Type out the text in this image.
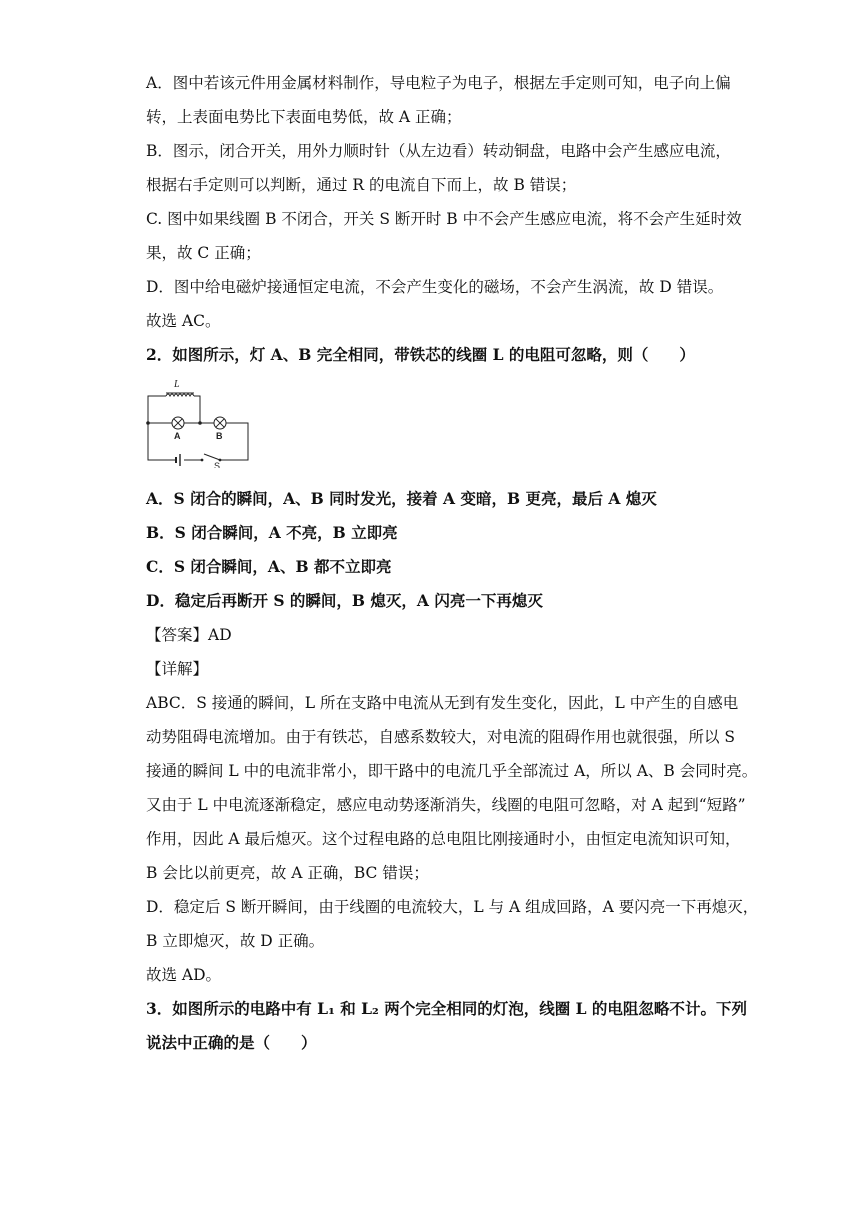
A．图中若该元件用金属材料制作，导电粒子为电子，根据左手定则可知，电子向上偏
转，上表面电势比下表面电势低，故 A 正确；
B．图示，闭合开关，用外力顺时针（从左边看）转动铜盘，电路中会产生感应电流，
根据右手定则可以判断，通过 R 的电流自下而上，故 B 错误；
C. 图中如果线圈 B 不闭合，开关 S 断开时 B 中不会产生感应电流，将不会产生延时效
果，故 C 正确；
D．图中给电磁炉接通恒定电流，不会产生变化的磁场，不会产生涡流，故 D 错误。
故选 AC。
2．如图所示，灯 A、B 完全相同，带铁芯的线圈 L 的电阻可忽略，则（　　）
L
A	B
S
A．S 闭合的瞬间，A、B 同时发光，接着 A 变暗，B 更亮，最后 A 熄灭
B．S 闭合瞬间，A 不亮，B 立即亮
C．S 闭合瞬间，A、B 都不立即亮
D．稳定后再断开 S 的瞬间，B 熄灭，A 闪亮一下再熄灭
【答案】AD
【详解】
ABC．S 接通的瞬间，L 所在支路中电流从无到有发生变化，因此，L 中产生的自感电
动势阻碍电流增加。由于有铁芯，自感系数较大，对电流的阻碍作用也就很强，所以 S
接通的瞬间 L 中的电流非常小，即干路中的电流几乎全部流过 A，所以 A、B 会同时亮。
又由于 L 中电流逐渐稳定，感应电动势逐渐消失，线圈的电阻可忽略，对 A 起到“短路”
作用，因此 A 最后熄灭。这个过程电路的总电阻比刚接通时小，由恒定电流知识可知，
B 会比以前更亮，故 A 正确，BC 错误；
D．稳定后 S 断开瞬间，由于线圈的电流较大，L 与 A 组成回路，A 要闪亮一下再熄灭，
B 立即熄灭，故 D 正确。
故选 AD。
3．如图所示的电路中有 L₁ 和 L₂ 两个完全相同的灯泡，线圈 L 的电阻忽略不计。下列
说法中正确的是（　　）
